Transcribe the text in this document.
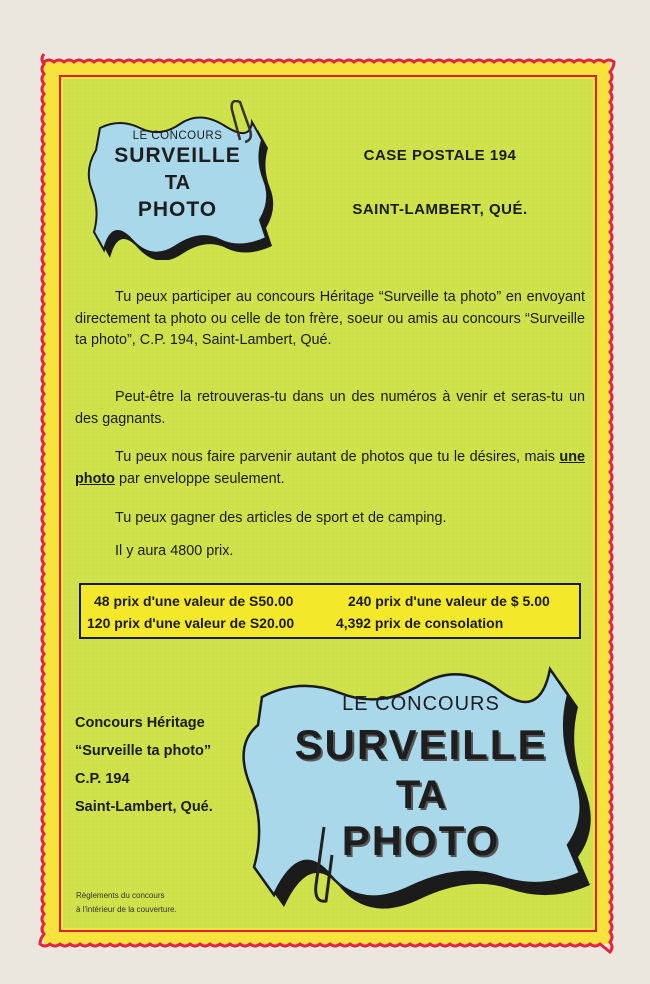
LE CONCOURS
SURVEILLE
TA
PHOTO
CASE POSTALE 194
SAINT-LAMBERT, QUÉ.
Tu peux participer au concours Héritage “Surveille ta photo” en envoyant directement ta photo ou celle de ton frère, soeur ou amis au concours “Surveille ta photo”, C.P. 194, Saint-Lambert, Qué.
Peut-être la retrouveras-tu dans un des numéros à venir et seras-tu un des gagnants.
Tu peux nous faire parvenir autant de photos que tu le désires, mais une photo par enveloppe seulement.
Tu peux gagner des articles de sport et de camping.
Il y aura 4800 prix.
48 prix d'une valeur de S50.00	240 prix d'une valeur de $ 5.00
120 prix d'une valeur de S20.00	4,392 prix de consolation
Concours Héritage
“Surveille ta photo”
C.P. 194
Saint-Lambert, Qué.
LE CONCOURS
SURVEILLE
TA
PHOTO
Règlements du concours
à l'intérieur de la couverture.
